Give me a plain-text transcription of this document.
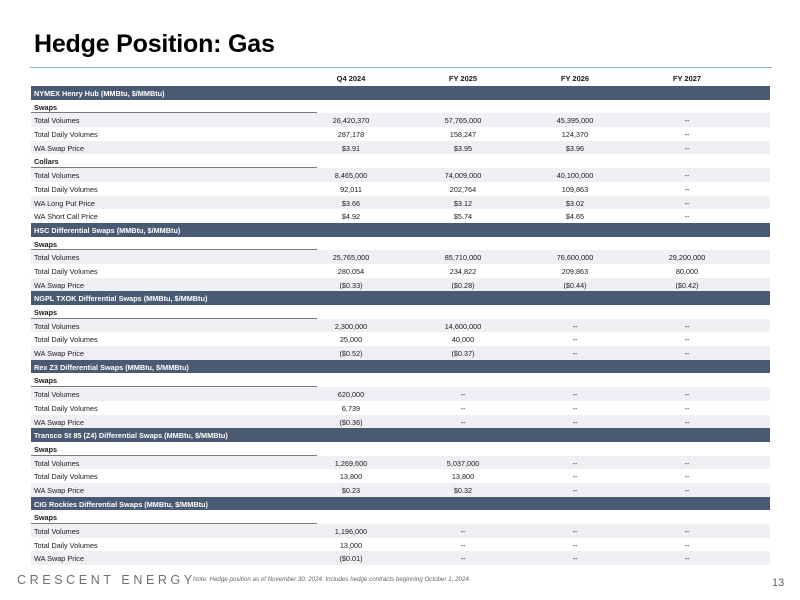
Hedge Position: Gas
Q4 2024	FY 2025	FY 2026	FY 2027
NYMEX Henry Hub (MMBtu, $/MMBtu)
Swaps
Total Volumes	26,420,370	57,765,000	45,395,000	--
Total Daily Volumes	287,178	158,247	124,370	--
WA Swap Price	$3.91	$3.95	$3.96	--
Collars
Total Volumes	8,465,000	74,009,000	40,100,000	--
Total Daily Volumes	92,011	202,764	109,863	--
WA Long Put Price	$3.66	$3.12	$3.02	--
WA Short Call Price	$4.92	$5.74	$4.65	--
HSC Differential Swaps (MMBtu, $/MMBtu)
Swaps
Total Volumes	25,765,000	85,710,000	76,600,000	29,200,000
Total Daily Volumes	280,054	234,822	209,863	80,000
WA Swap Price	($0.33)	($0.28)	($0.44)	($0.42)
NGPL TXOK Differential Swaps (MMBtu, $/MMBtu)
Swaps
Total Volumes	2,300,000	14,600,000	--	--
Total Daily Volumes	25,000	40,000	--	--
WA Swap Price	($0.52)	($0.37)	--	--
Rex Z3 Differential Swaps (MMBtu, $/MMBtu)
Swaps
Total Volumes	620,000	--	--	--
Total Daily Volumes	6,739	--	--	--
WA Swap Price	($0.36)	--	--	--
Transco St 85 (Z4) Differential Swaps (MMBtu, $/MMBtu)
Swaps
Total Volumes	1,269,600	5,037,000	--	--
Total Daily Volumes	13,800	13,800	--	--
WA Swap Price	$0.23	$0.32	--	--
CIG Rockies Differential Swaps (MMBtu, $/MMBtu)
Swaps
Total Volumes	1,196,000	--	--	--
Total Daily Volumes	13,000	--	--	--
WA Swap Price	($0.01)	--	--	--
CRESCENT ENERGY
Note: Hedge position as of November 30, 2024. Includes hedge contracts beginning October 1, 2024.	13
